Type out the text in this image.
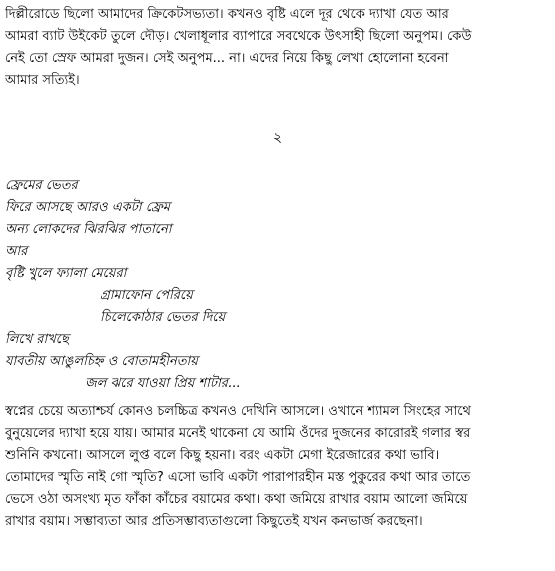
দিল্লীরোডে ছিলো আমাদের ক্রিকেটসভ্যতা। কখনও বৃষ্টি এলে দূর থেকে দ্যাখা যেত আর
আমরা ব্যাট উইকেট তুলে দৌড়। খেলাধূলার ব্যাপারে সবথেকে উৎসাহী ছিলো অনুপম। কেউ
নেই তো স্রেফ আমরা দুজন। সেই অনুপম... না। এদের নিয়ে কিছু লেখা হোলোনা হবেনা
আমার সত্যিই।
২
ফ্রেমের ভেতর
ফিরে আসছে আরও একটা ফ্রেম
অন্য লোকদের ঝিরঝির পাতানো
আর
বৃষ্টি খুলে ফ্যালা মেয়েরা
গ্রামাফোন পেরিয়ে
চিলেকোঠার ভেতর দিয়ে
লিখে রাখছে
যাবতীয় আঙুলচিহ্ন ও বোতামহীনতায়
জল ঝরে যাওয়া প্রিয় শাটার...
স্বপ্নের চেয়ে অত্যাশ্চর্য কোনও চলচ্চিত্র কখনও দেখিনি আসলে। ওখানে শ্যামল সিংহের সাথে
বুনুয়েলের দ্যাখা হয়ে যায়। আমার মনেই থাকেনা যে আমি ওঁদের দুজনের কারোরই গলার স্বর
শুনিনি কখনো। আসলে লুপ্ত বলে কিছু হয়না। বরং একটা মেগা ইরেজারের কথা ভাবি।
তোমাদের স্মৃতি নাই গো স্মৃতি? এসো ভাবি একটা পারাপারহীন মস্ত পুকুরের কথা আর তাতে
ভেসে ওঠা অসংখ্য মৃত ফাঁকা কাঁচের বয়ামের কথা। কথা জমিয়ে রাখার বয়াম আলো জমিয়ে
রাখার বয়াম। সম্ভাব্যতা আর প্রতিসম্ভাব্যতাগুলো কিছুতেই যখন কনভার্জ করছেনা।
